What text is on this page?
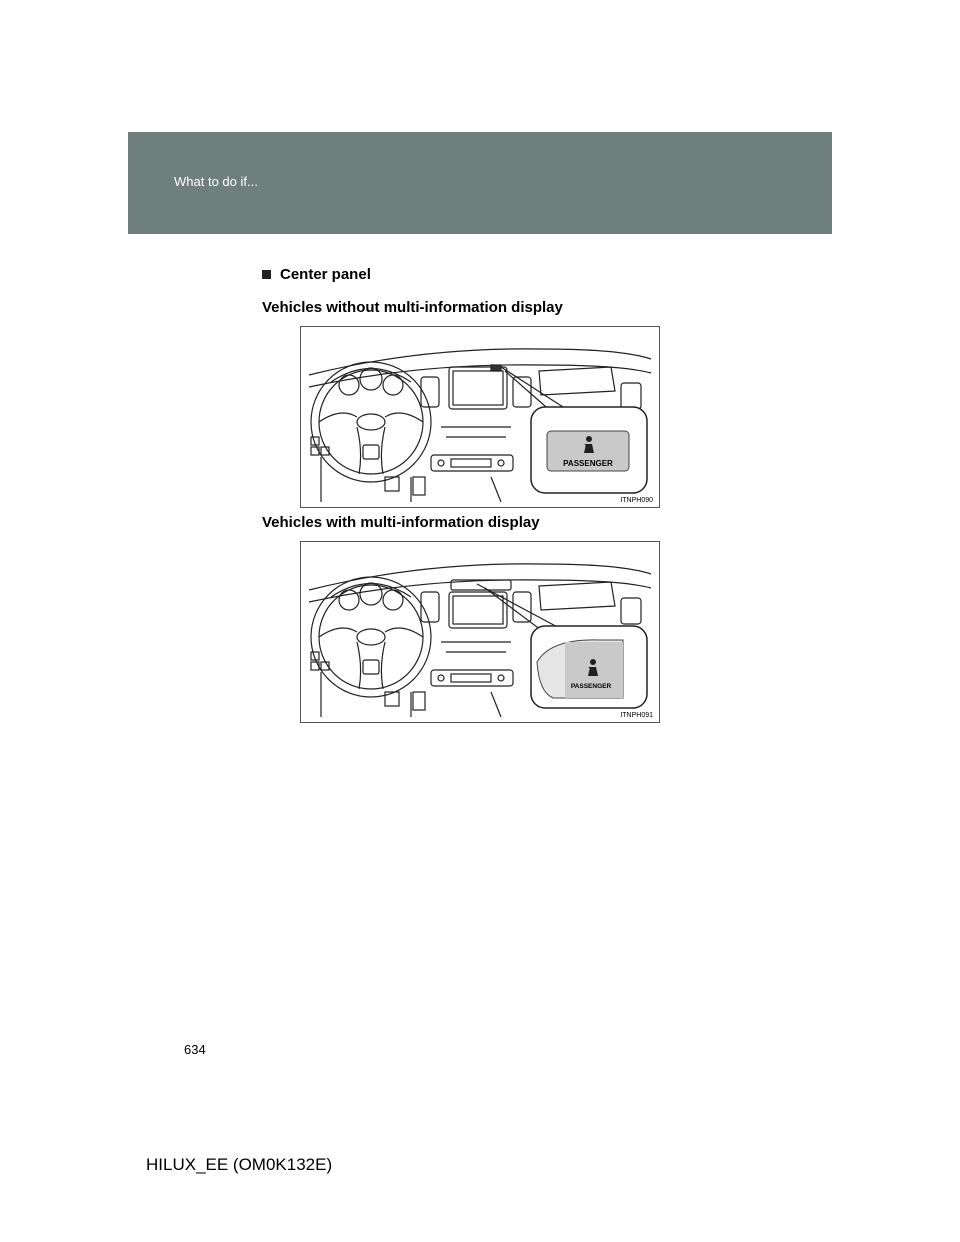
What to do if...
Center panel
Vehicles without multi-information display
PASSENGER
ITNPH090
Vehicles with multi-information display
PASSENGER
ITNPH091
634
HILUX_EE (OM0K132E)
